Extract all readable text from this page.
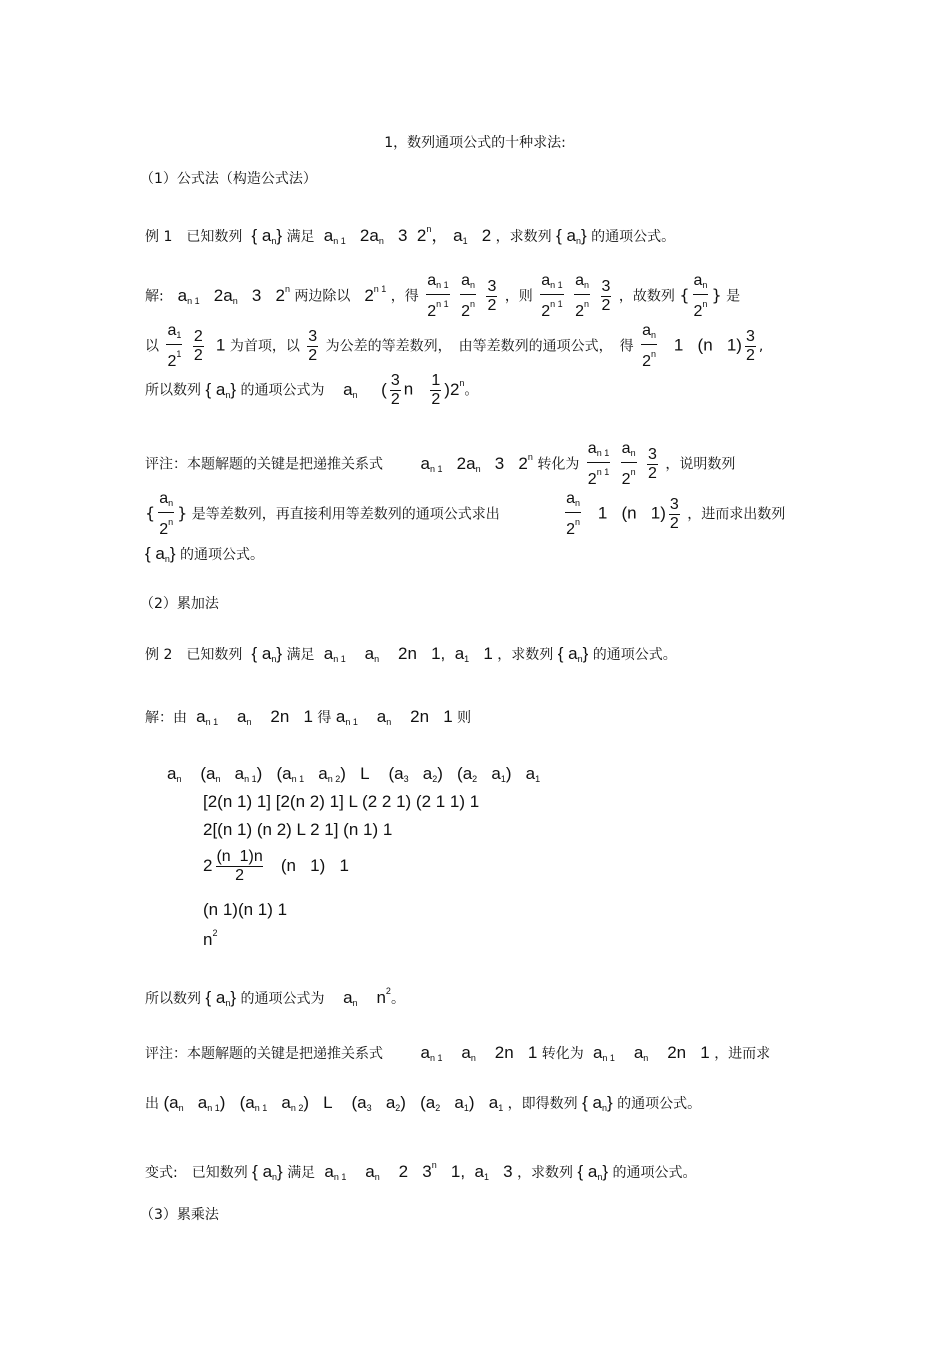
1，数列通项公式的十种求法:
（1）公式法（构造公式法）
例 1　已知数列  { $a_n$} 满足  $a_{n 1}$   $2a_n$   3  2$^n$， $a_1$   2 ，求数列 { $a_n$} 的通项公式。
解:   $a_{n 1}$   $2a_n$   3   2$^n$ 两边除以   $2^{n 1}$ ，得 $\frac{a_{n 1}}{2^{n 1}}$
$\frac{a_n}{2^n}$
$\frac{3}{2}$ ，则 $\frac{a_{n 1}}{2^{n 1}}$
$\frac{a_n}{2^n}$
$\frac{3}{2}$ ，故数列 { $\frac{a_n}{2^n}$ } 是
以 $\frac{a_1}{2^1}$
$\frac{2}{2} 1$ 为首项，以 $\frac{3}{2}$ 为公差的等差数列，　由等差数列的通项公式，　得 $\frac{a_n}{2^n} 1$   (n   $1) \frac{3}{2}$ ,
所以数列 { $a_n$} 的通项公式为    $a_n$     ( $\frac{3}{2}$ n $\frac{1}{2} )2^n$。
评注：本题解题的关键是把递推关系式        $a_{n 1}$   $2a_n$   3   2$^n$ 转化为 $\frac{a_{n 1}}{2^{n 1}}$
$\frac{a_n}{2^n}$
$\frac{3}{2}$ ，说明数列
{ $\frac{a_n}{2^n}$ } 是等差数列，再直接利用等差数列的通项公式求出	$\frac{a_n}{2^n} 1$   (n   $1) \frac{3}{2}$ ，进而求出数列
{ $a_n$} 的通项公式。
（2）累加法
例 2　已知数列  { $a_n$} 满足  $a_{n 1}$    $a_n$    2n   1,  $a_1$   1 ，求数列 { $a_n$} 的通项公式。
解：由  $a_{n 1}$    $a_n$    2n   1 得 $a_{n 1}$    $a_n$    2n   1 则
$a_n$    ($a_n$   $a_{n 1}$)   ($a_{n 1}$   $a_{n 2}$)   L    ($a_3$   $a_2$)   ($a_2$   $a_1$)   $a_1$
[2(n 1) 1] [2(n 2) 1] L (2 2 1) (2 1 1) 1
2[(n 1) (n 2) L 2 1] (n 1) 1
$2 \frac{(n 1)n}{2} (n$   1)   1
(n 1)(n 1) 1
$n^2$
所以数列 { $a_n$} 的通项公式为    $a_n$    $n^2$。
评注：本题解题的关键是把递推关系式        $a_{n 1}$    $a_n$    2n   1 转化为  $a_{n 1}$    $a_n$    2n   1 ，进而求
出 ($a_n$   $a_{n 1}$)   ($a_{n 1}$   $a_{n 2}$)   L    ($a_3$   $a_2$)   ($a_2$   $a_1$)   $a_1$ ，即得数列 { $a_n$} 的通项公式。
变式:　已知数列 { $a_n$} 满足  $a_{n 1}$    $a_n$    2   3$^n$   1,  $a_1$   3 ，求数列 { $a_n$} 的通项公式。
（3）累乘法
